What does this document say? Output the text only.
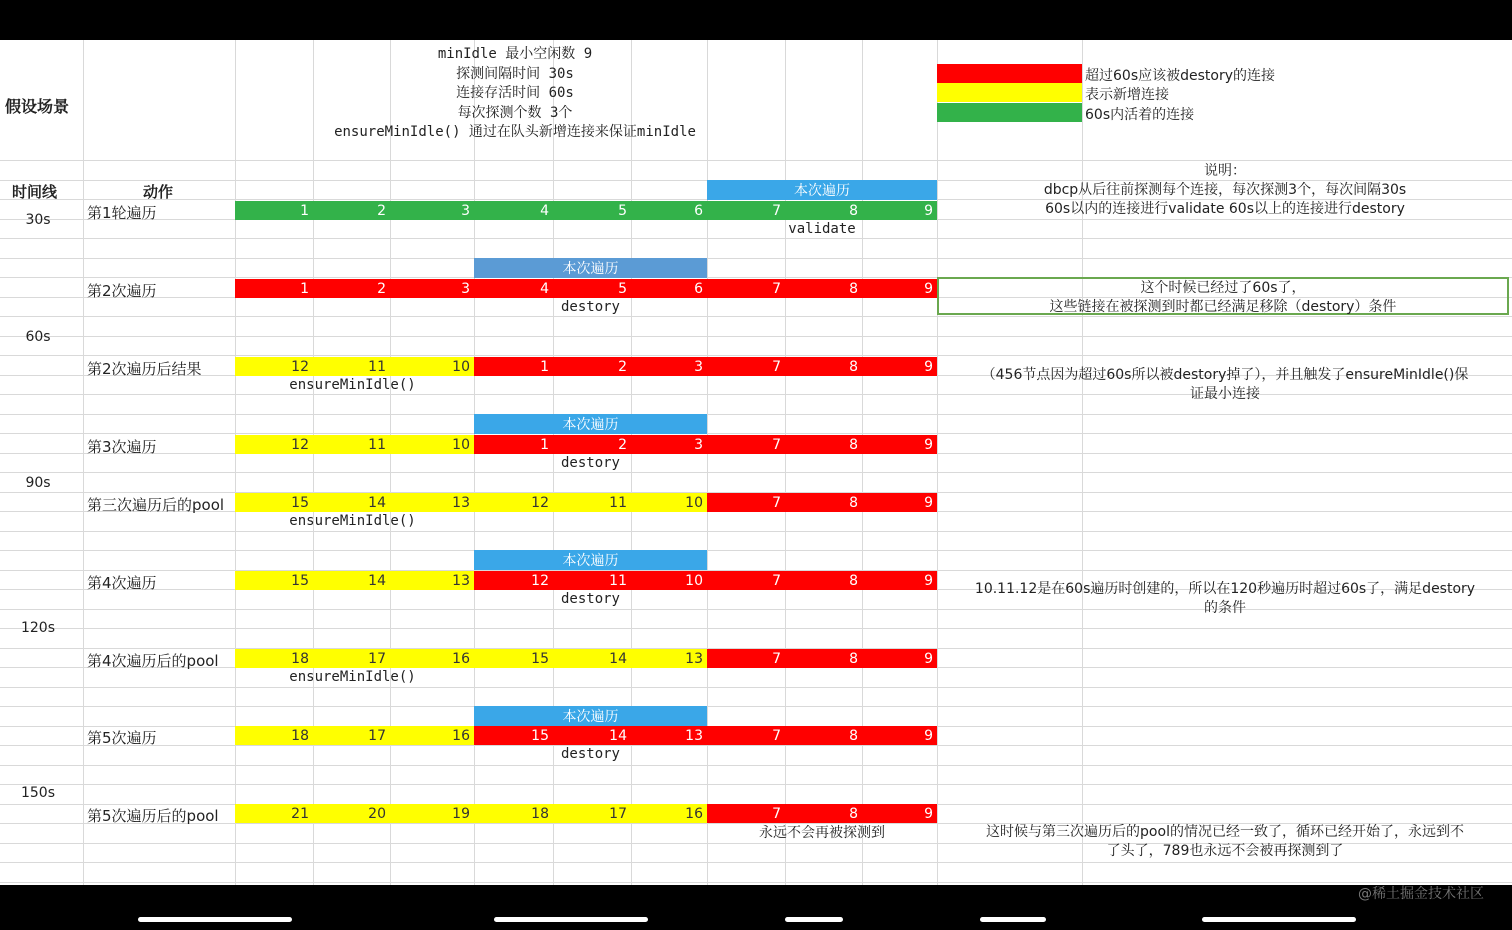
假设场景
minIdle 最小空闲数 9
探测间隔时间 30s
连接存活时间 60s
每次探测个数 3个
ensureMinIdle() 通过在队头新增连接来保证minIdle
超过60s应该被destory的连接
表示新增连接
60s内活着的连接
时间线	动作
说明：
dbcp从后往前探测每个连接，每次探测3个，每次间隔30s
60s以内的连接进行validate 60s以上的连接进行destory
30s
60s
90s
120s
150s
本次遍历
本次遍历
本次遍历
本次遍历
本次遍历
第1轮遍历	1	2	3	4	5	6	7	8	9
validate
第2次遍历	1	2	3	4	5	6	7	8	9
destory
第2次遍历后结果	12	11	10	1	2	3	7	8	9
ensureMinIdle()
第3次遍历	12	11	10	1	2	3	7	8	9
destory
第三次遍历后的pool	15	14	13	12	11	10	7	8	9
ensureMinIdle()
第4次遍历	15	14	13	12	11	10	7	8	9
destory
第4次遍历后的pool	18	17	16	15	14	13	7	8	9
ensureMinIdle()
第5次遍历	18	17	16	15	14	13	7	8	9
destory
第5次遍历后的pool	21	20	19	18	17	16	7	8	9
永远不会再被探测到
这个时候已经过了60s了，
这些链接在被探测到时都已经满足移除（destory）条件
（456节点因为超过60s所以被destory掉了），并且触发了ensureMinIdle()保
证最小连接
10.11.12是在60s遍历时创建的，所以在120秒遍历时超过60s了，满足destory
的条件
这时候与第三次遍历后的pool的情况已经一致了，循环已经开始了，永远到不
了头了，789也永远不会被再探测到了
@稀土掘金技术社区
